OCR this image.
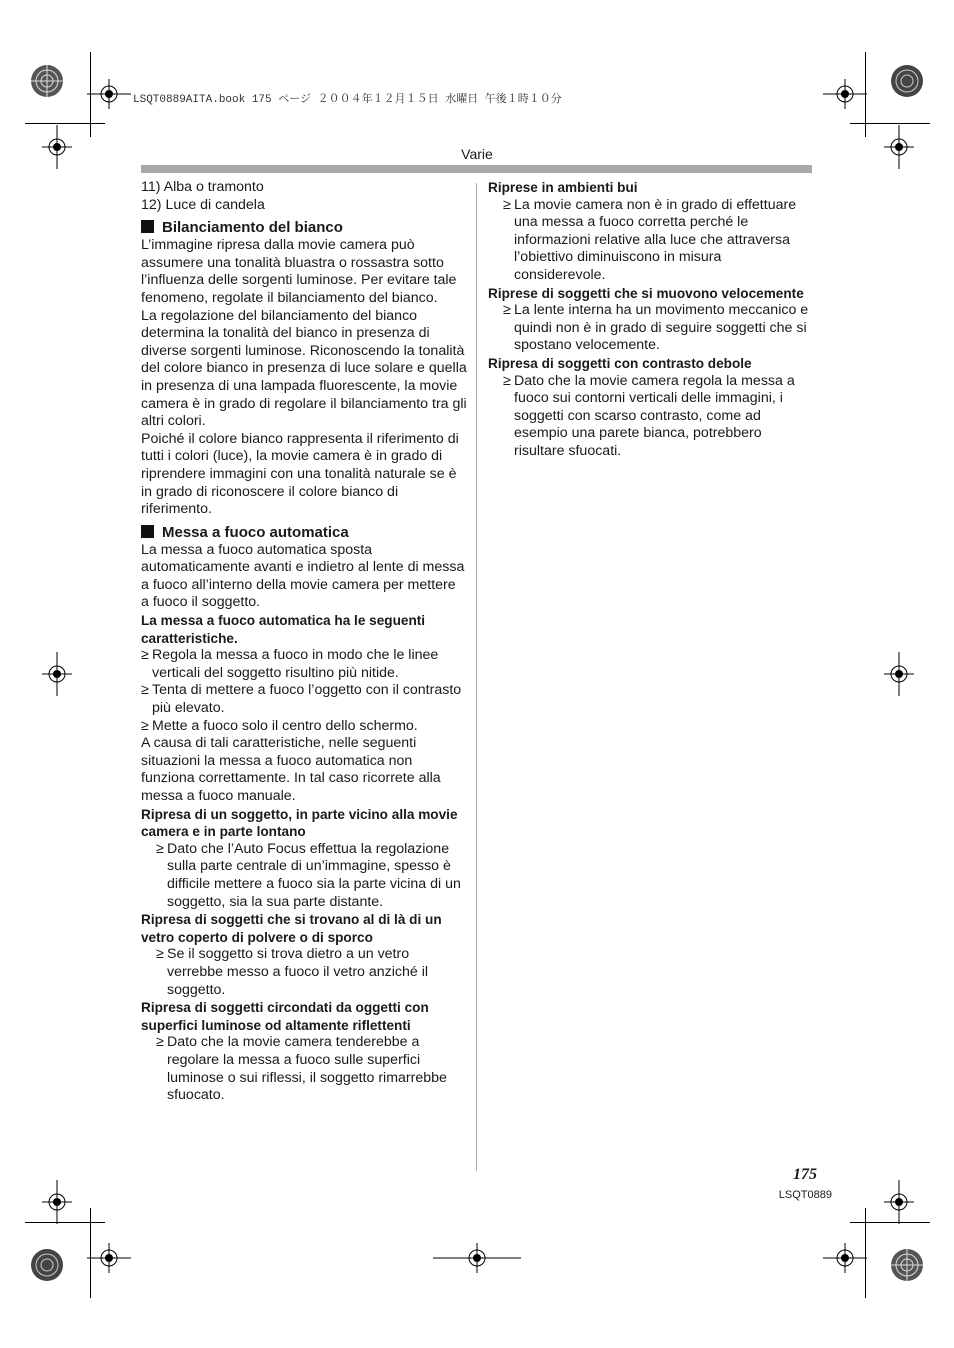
LSQT0889AITA.book 175 ページ ２００４年１２月１５日 水曜日 午後１時１０分
Varie

11) Alba o tramonto

12) Luce di candela

Bilanciamento del bianco

L’immagine ripresa dalla movie camera può assumere una tonalità bluastra o rossastra sotto l’influenza delle sorgenti luminose. Per evitare tale fenomeno, regolate il bilanciamento del bianco.

La regolazione del bilanciamento del bianco determina la tonalità del bianco in presenza di diverse sorgenti luminose. Riconoscendo la tonalità del colore bianco in presenza di luce solare e quella in presenza di una lampada fluorescente, la movie camera è in grado di regolare il bilanciamento tra gli altri colori.

Poiché il colore bianco rappresenta il riferimento di tutti i colori (luce), la movie camera è in grado di riprendere immagini con una tonalità naturale se è in grado di riconoscere il colore bianco di riferimento.

Messa a fuoco automatica

La messa a fuoco automatica sposta automaticamente avanti e indietro al lente di messa a fuoco all’interno della movie camera per mettere a fuoco il soggetto.

La messa a fuoco automatica ha le seguenti caratteristiche.

≥ Regola la messa a fuoco in modo che le linee verticali del soggetto risultino più nitide.

≥ Tenta di mettere a fuoco l’oggetto con il contrasto più elevato.

≥ Mette a fuoco solo il centro dello schermo.

A causa di tali caratteristiche, nelle seguenti situazioni la messa a fuoco automatica non funziona correttamente. In tal caso ricorrete alla messa a fuoco manuale.

Ripresa di un soggetto, in parte vicino alla movie camera e in parte lontano

≥ Dato che l’Auto Focus effettua la regolazione sulla parte centrale di un’immagine, spesso è difficile mettere a fuoco sia la parte vicina di un soggetto, sia la sua parte distante.

Ripresa di soggetti che si trovano al di là di un vetro coperto di polvere o di sporco

≥ Se il soggetto si trova dietro a un vetro verrebbe messo a fuoco il vetro anziché il soggetto.

Ripresa di soggetti circondati da oggetti con superfici luminose od altamente riflettenti

≥ Dato che la movie camera tenderebbe a regolare la messa a fuoco sulle superfici luminose o sui riflessi, il soggetto rimarrebbe sfuocato.

Riprese in ambienti bui

≥ La movie camera non è in grado di effettuare una messa a fuoco corretta perché le informazioni relative alla luce che attraversa l’obiettivo diminuiscono in misura considerevole.

Riprese di soggetti che si muovono velocemente

≥ La lente interna ha un movimento meccanico e quindi non è in grado di seguire soggetti che si spostano velocemente.

Ripresa di soggetti con contrasto debole

≥ Dato che la movie camera regola la messa a fuoco sui contorni verticali delle immagini, i soggetti con scarso contrasto, come ad esempio una parete bianca, potrebbero risultare sfuocati.

175
LSQT0889
